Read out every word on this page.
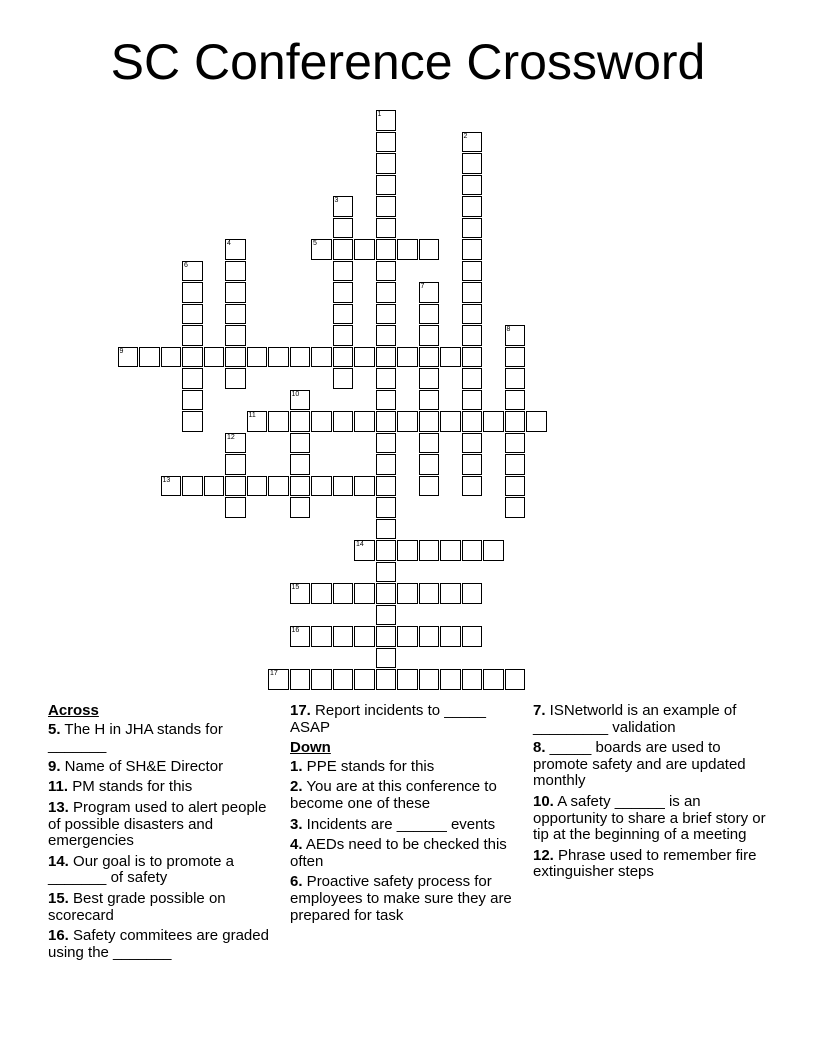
SC Conference Crossword
5
9
11
13
14
15
16
17
1
2
3
4
6
7
8
10
12
Across
5. The H in JHA stands for _______
9. Name of SH&E Director
11. PM stands for this
13. Program used to alert people of possible disasters and emergencies
14. Our goal is to promote a _______ of safety
15. Best grade possible on scorecard
16. Safety commitees are graded using the _______
17. Report incidents to _____ ASAP
Down
1. PPE stands for this
2. You are at this conference to become one of these
3. Incidents are ______ events
4. AEDs need to be checked this often
6. Proactive safety process for employees to make sure they are prepared for task
7. ISNetworld is an example of _________ validation
8. _____ boards are used to promote safety and are updated monthly
10. A safety ______ is an opportunity to share a brief story or tip at the beginning of a meeting
12. Phrase used to remember fire extinguisher steps
